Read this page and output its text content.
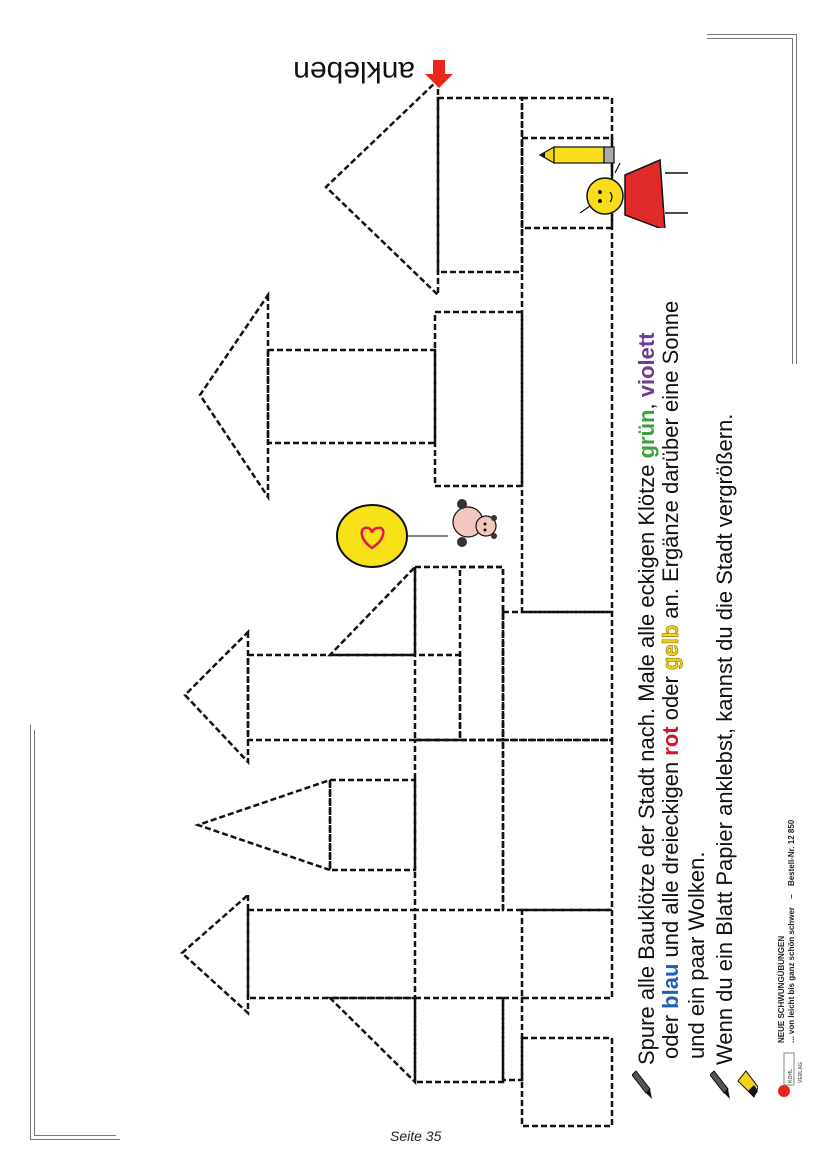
ankleben
Spure alle Bauklötze der Stadt nach. Male alle eckigen Klötze grün, violett
oder blau und alle dreieckigen rot oder gelb an. Ergänze darüber eine Sonne
und ein paar Wolken. Wenn du ein Blatt Papier anklebst, kannst du die Stadt vergrößern.
KOHL VERLAG
NEUE SCHWUNGÜBUNGEN ... von leicht bis ganz schön schwer – Bestell-Nr. 12 850
Seite 35
